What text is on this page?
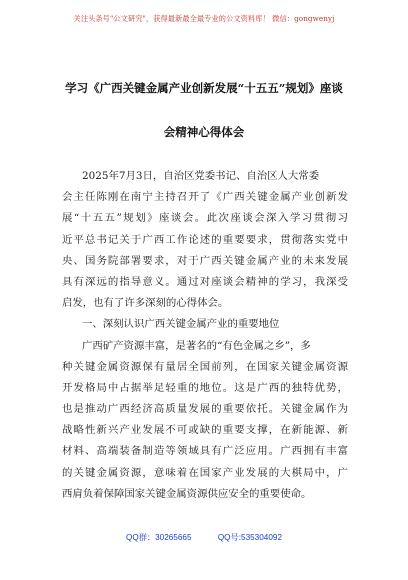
关注头条号"公文研究"，获得最新最全最专业的公文资料库！ 微信：gongwenyj
学习《广西关键金属产业创新发展“十五五”规划》座谈
会精神心得体会
2025年7月3日，自治区党委书记、自治区人大常委
会主任陈刚在南宁主持召开了《广西关键金属产业创新发
展“十五五”规划》座谈会。此次座谈会深入学习贯彻习
近平总书记关于广西工作论述的重要要求，贯彻落实党中
央、国务院部署要求，对于广西关键金属产业的未来发展
具有深远的指导意义。通过对座谈会精神的学习，我深受
启发，也有了许多深刻的心得体会。
一、深刻认识广西关键金属产业的重要地位
广西矿产资源丰富，是著名的“有色金属之乡”，多
种关键金属资源保有量居全国前列，在国家关键金属资源
开发格局中占据举足轻重的地位。这是广西的独特优势，
也是推动广西经济高质量发展的重要依托。关键金属作为
战略性新兴产业发展不可或缺的重要支撑，在新能源、新
材料、高端装备制造等领域具有广泛应用。广西拥有丰富
的关键金属资源，意味着在国家产业发展的大棋局中，广
西肩负着保障国家关键金属资源供应安全的重要使命。
QQ群：30265665	QQ号:535304092
